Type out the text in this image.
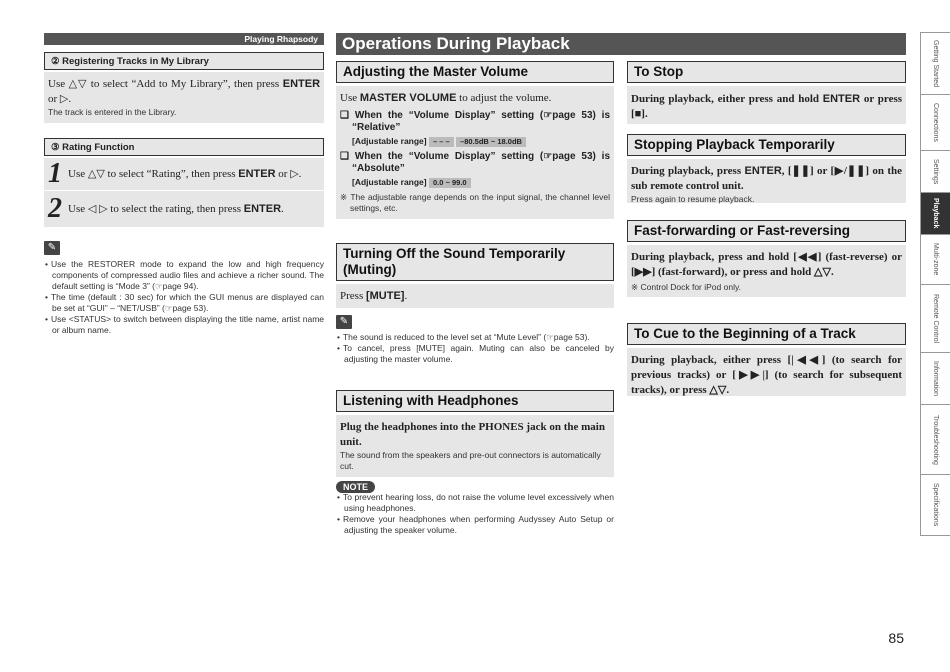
Playing Rhapsody
② Registering Tracks in My Library
Use △▽ to select “Add to My Library”, then press ENTER or ▷.
The track is entered in the Library.
③ Rating Function
1 Use △▽ to select “Rating”, then press ENTER or ▷.
2 Use ◁ ▷ to select the rating, then press ENTER.
✎
• Use the RESTORER mode to expand the low and high frequency components of compressed audio files and achieve a richer sound. The default setting is “Mode 3” (☞page 94).
• The time (default : 30 sec) for which the GUI menus are displayed can be set at “GUI” – “NET/USB” (☞page 53).
• Use <STATUS> to switch between displaying the title name, artist name or album name.
Operations During Playback
Adjusting the Master Volume
Use MASTER VOLUME to adjust the volume.
❑ When the “Volume Display” setting (☞page 53) is “Relative”
[Adjustable range] – – – –80.5dB ~ 18.0dB
❑ When the “Volume Display” setting (☞page 53) is “Absolute”
[Adjustable range] 0.0 ~ 99.0
※ The adjustable range depends on the input signal, the channel level settings, etc.
Turning Off the Sound Temporarily (Muting)
Press [MUTE].
✎
• The sound is reduced to the level set at “Mute Level” (☞page 53).
• To cancel, press [MUTE] again. Muting can also be canceled by adjusting the master volume.
Listening with Headphones
Plug the headphones into the PHONES jack on the main unit.
The sound from the speakers and pre-out connectors is automatically cut.
NOTE
• To prevent hearing loss, do not raise the volume level excessively when using headphones.
• Remove your headphones when performing Audyssey Auto Setup or adjusting the speaker volume.
To Stop
During playback, either press and hold ENTER or press [■].
Stopping Playback Temporarily
During playback, press ENTER, [❚❚] or [▶/❚❚] on the sub remote control unit.
Press again to resume playback.
Fast-forwarding or Fast-reversing
During playback, press and hold [◀◀] (fast-reverse) or [▶▶] (fast-forward), or press and hold △▽.
※ Control Dock for iPod only.
To Cue to the Beginning of a Track
During playback, either press [|◀◀] (to search for previous tracks) or [▶▶|] (to search for subsequent tracks), or press △▽.
Getting Started
Connections
Settings
Playback
Multi-zone
Remote Control
Information
Troubleshooting
Specifications
85
